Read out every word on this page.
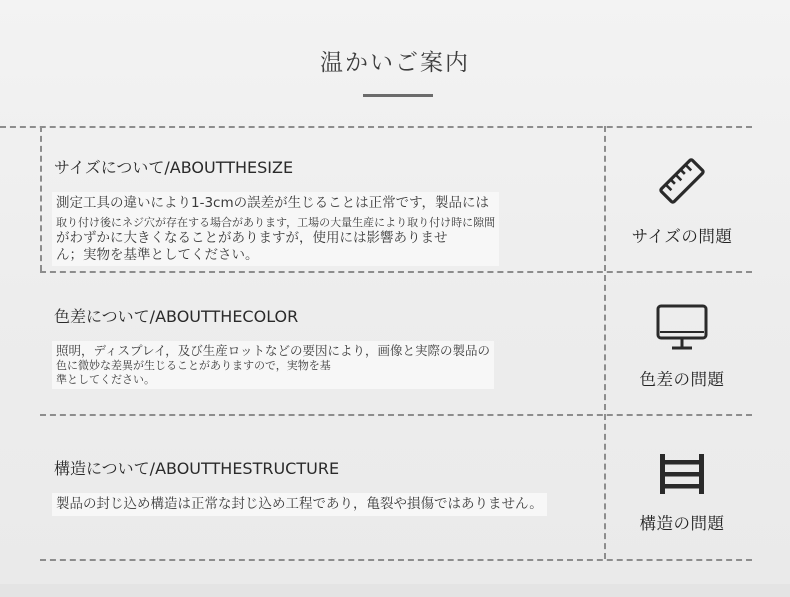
温かいご案内
サイズについて/ABOUTTHESIZE
測定工具の違いにより1-3cmの誤差が生じることは正常です，製品には
取り付け後にネジ穴が存在する場合があります，工場の大量生産により取り付け時に隙間
がわずかに大きくなることがありますが，使用には影響ありませ
ん；実物を基準としてください。
サイズの問題
色差について/ABOUTTHECOLOR
照明，ディスプレイ，及び生産ロットなどの要因により，画像と実際の製品の
色に微妙な差異が生じることがありますので，実物を基
準としてください。	色差の問題
構造について/ABOUTTHESTRUCTURE
製品の封じ込め構造は正常な封じ込め工程であり，亀裂や損傷ではありません。
構造の問題
